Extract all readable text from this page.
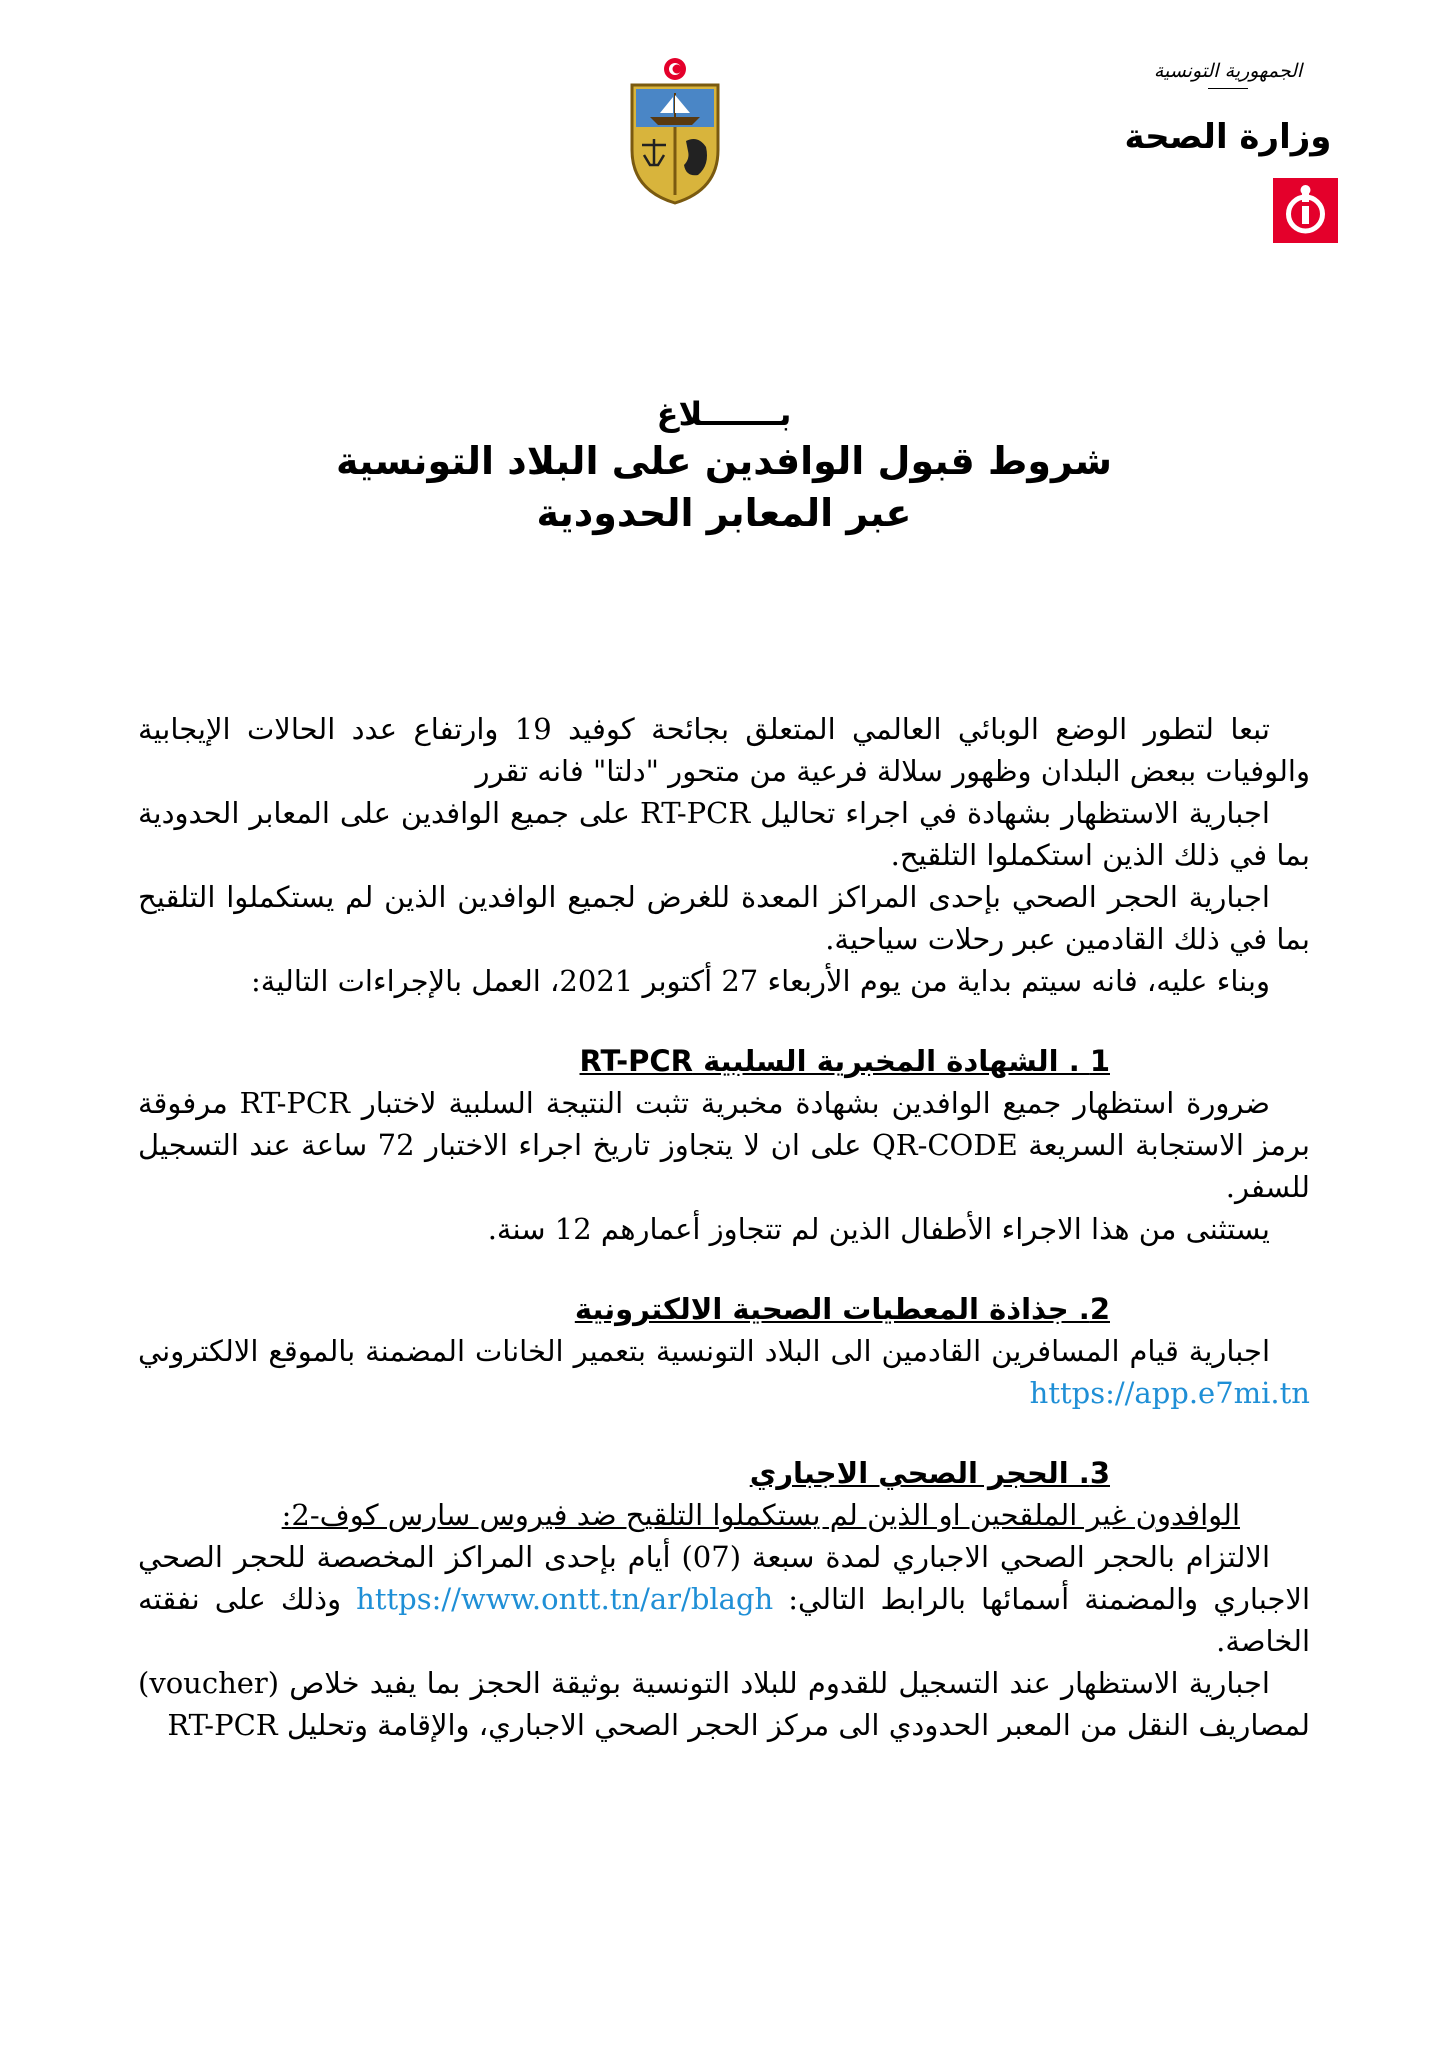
الجمهورية التونسية
وزارة الصحة
بـــــــلاغ
شروط قبول الوافدين على البلاد التونسية
عبر المعابر الحدودية

تبعا لتطور الوضع الوبائي العالمي المتعلق بجائحة كوفيد 19 وارتفاع عدد الحالات الإيجابية والوفيات ببعض البلدان وظهور سلالة فرعية من متحور "دلتا" فانه تقرر

اجبارية الاستظهار بشهادة في اجراء تحاليل RT-PCR على جميع الوافدين على المعابر الحدودية بما في ذلك الذين استكملوا التلقيح.

اجبارية الحجر الصحي بإحدى المراكز المعدة للغرض لجميع الوافدين الذين لم يستكملوا التلقيح بما في ذلك القادمين عبر رحلات سياحية.

وبناء عليه، فانه سيتم بداية من يوم الأربعاء 27 أكتوبر 2021، العمل بالإجراءات التالية:

1 . الشهادة المخبرية السلبية RT-PCR

ضرورة استظهار جميع الوافدين بشهادة مخبرية تثبت النتيجة السلبية لاختبار RT-PCR مرفوقة برمز الاستجابة السريعة QR-CODE على ان لا يتجاوز تاريخ اجراء الاختبار 72 ساعة عند التسجيل للسفر.

يستثنى من هذا الاجراء الأطفال الذين لم تتجاوز أعمارهم 12 سنة.

2. جذاذة المعطيات الصحية الالكترونية

اجبارية قيام المسافرين القادمين الى البلاد التونسية بتعمير الخانات المضمنة بالموقع الالكتروني https://app.e7mi.tn

3. الحجر الصحي الاجباري
الوافدون غير الملقحين او الذين لم يستكملوا التلقيح ضد فيروس سارس كوف-2:

الالتزام بالحجر الصحي الاجباري لمدة سبعة (07) أيام بإحدى المراكز المخصصة للحجر الصحي الاجباري والمضمنة أسمائها بالرابط التالي: https://www.ontt.tn/ar/blagh وذلك على نفقته الخاصة.

اجبارية الاستظهار عند التسجيل للقدوم للبلاد التونسية بوثيقة الحجز بما يفيد خلاص (voucher) لمصاريف النقل من المعبر الحدودي الى مركز الحجر الصحي الاجباري، والإقامة وتحليل RT-PCR
